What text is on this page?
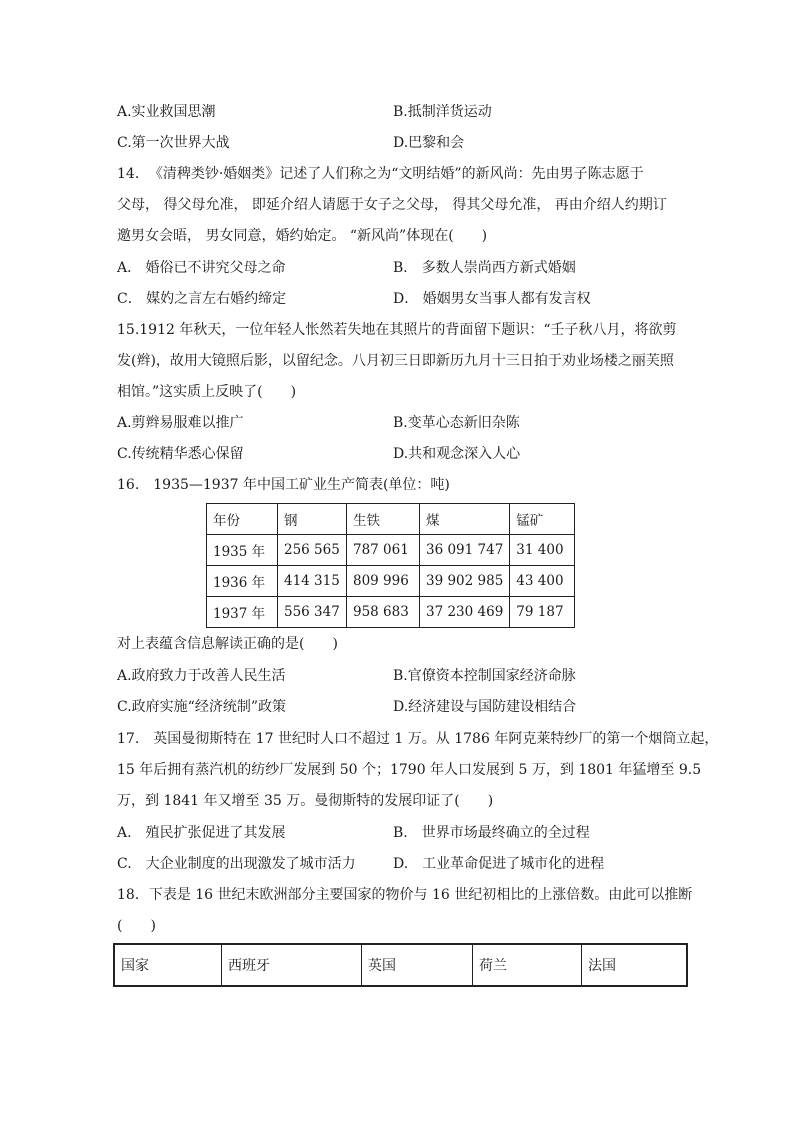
A.实业救国思潮	B.抵制洋货运动
C.第一次世界大战	D.巴黎和会
14．　《清稗类钞·婚姻类》记述了人们称之为“文明结婚”的新风尚：先由男子陈志愿于
父母， 得父母允准， 即延介绍人请愿于女子之父母， 得其父母允准， 再由介绍人约期订
邀男女会晤， 男女同意，婚约始定。 “新风尚”体现在(　　)
A． 婚俗已不讲究父母之命	B． 多数人崇尚西方新式婚姻
C． 媒妁之言左右婚约缔定	D． 婚姻男女当事人都有发言权
15.1912 年秋天，一位年轻人怅然若失地在其照片的背面留下题识：“壬子秋八月，将欲剪
发(辫)，故用大镜照后影，以留纪念。八月初三日即新历九月十三日拍于劝业场楼之丽芙照
相馆。”这实质上反映了(　　)
A.剪辫易服难以推广	B.变革心态新旧杂陈
C.传统精华悉心保留	D.共和观念深入人心
16.　1935—1937 年中国工矿业生产简表(单位：吨)
年份	钢	生铁	煤	锰矿
1935 年	256 565	787 061	36 091 747	31 400
1936 年	414 315	809 996	39 902 985	43 400
1937 年	556 347	958 683	37 230 469	79 187
对上表蕴含信息解读正确的是(　　)
A.政府致力于改善人民生活	B.官僚资本控制国家经济命脉
C.政府实施“经济统制”政策	D.经济建设与国防建设相结合
17.　英国曼彻斯特在 17 世纪时人口不超过 1 万。从 1786 年阿克莱特纱厂的第一个烟筒立起，
15 年后拥有蒸汽机的纺纱厂发展到 50 个；1790 年人口发展到 5 万，到 1801 年猛增至 9.5
万，到 1841 年又增至 35 万。曼彻斯特的发展印证了(　　)
A.　殖民扩张促进了其发展	B.　世界市场最终确立的全过程
C.　大企业制度的出现激发了城市活力	D.　工业革命促进了城市化的进程
18．下表是 16 世纪末欧洲部分主要国家的物价与 16 世纪初相比的上涨倍数。由此可以推断
(　　)
国家	西班牙	英国	荷兰	法国
